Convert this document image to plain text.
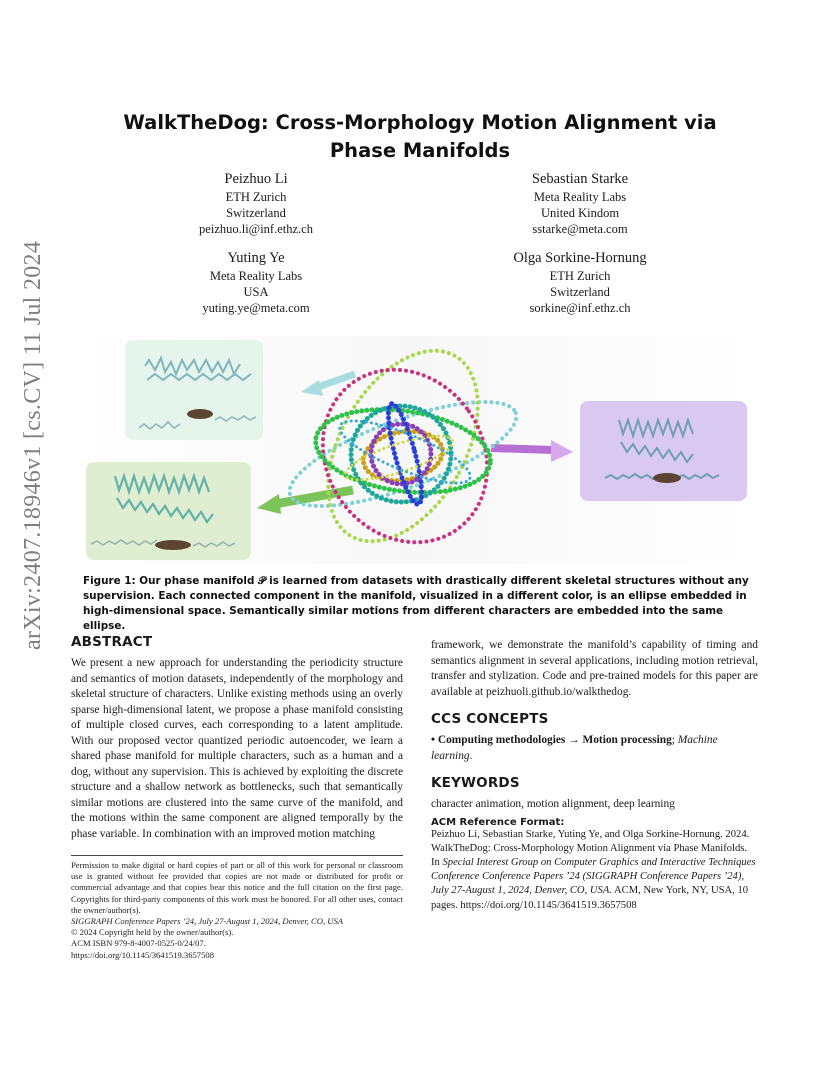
arXiv:2407.18946v1 [cs.CV] 11 Jul 2024
WalkTheDog: Cross-Morphology Motion Alignment via Phase Manifolds
Peizhuo Li
ETH Zurich
Switzerland
peizhuo.li@inf.ethz.ch
Sebastian Starke
Meta Reality Labs
United Kindom
sstarke@meta.com
Yuting Ye
Meta Reality Labs
USA
yuting.ye@meta.com
Olga Sorkine-Hornung
ETH Zurich
Switzerland
sorkine@inf.ethz.ch
Figure 1: Our phase manifold 𝒫 is learned from datasets with drastically different skeletal structures without any supervision. Each connected component in the manifold, visualized in a different color, is an ellipse embedded in high-dimensional space. Semantically similar motions from different characters are embedded into the same ellipse.
ABSTRACT
We present a new approach for understanding the periodicity structure and semantics of motion datasets, independently of the morphology and skeletal structure of characters. Unlike existing methods using an overly sparse high-dimensional latent, we propose a phase manifold consisting of multiple closed curves, each corresponding to a latent amplitude. With our proposed vector quantized periodic autoencoder, we learn a shared phase manifold for multiple characters, such as a human and a dog, without any supervision. This is achieved by exploiting the discrete structure and a shallow network as bottlenecks, such that semantically similar motions are clustered into the same curve of the manifold, and the motions within the same component are aligned temporally by the phase variable. In combination with an improved motion matching
Permission to make digital or hard copies of part or all of this work for personal or classroom use is granted without fee provided that copies are not made or distributed for profit or commercial advantage and that copies bear this notice and the full citation on the first page. Copyrights for third-party components of this work must be honored. For all other uses, contact the owner/author(s).
SIGGRAPH Conference Papers ’24, July 27-August 1, 2024, Denver, CO, USA
© 2024 Copyright held by the owner/author(s).
ACM ISBN 979-8-4007-0525-0/24/07.
https://doi.org/10.1145/3641519.3657508
framework, we demonstrate the manifold’s capability of timing and semantics alignment in several applications, including motion retrieval, transfer and stylization. Code and pre-trained models for this paper are available at peizhuoli.github.io/walkthedog.
CCS CONCEPTS
• Computing methodologies → Motion processing; Machine learning.
KEYWORDS
character animation, motion alignment, deep learning
ACM Reference Format:
Peizhuo Li, Sebastian Starke, Yuting Ye, and Olga Sorkine-Hornung. 2024. WalkTheDog: Cross-Morphology Motion Alignment via Phase Manifolds. In Special Interest Group on Computer Graphics and Interactive Techniques Conference Conference Papers ’24 (SIGGRAPH Conference Papers ’24), July 27-August 1, 2024, Denver, CO, USA. ACM, New York, NY, USA, 10 pages. https://doi.org/10.1145/3641519.3657508
